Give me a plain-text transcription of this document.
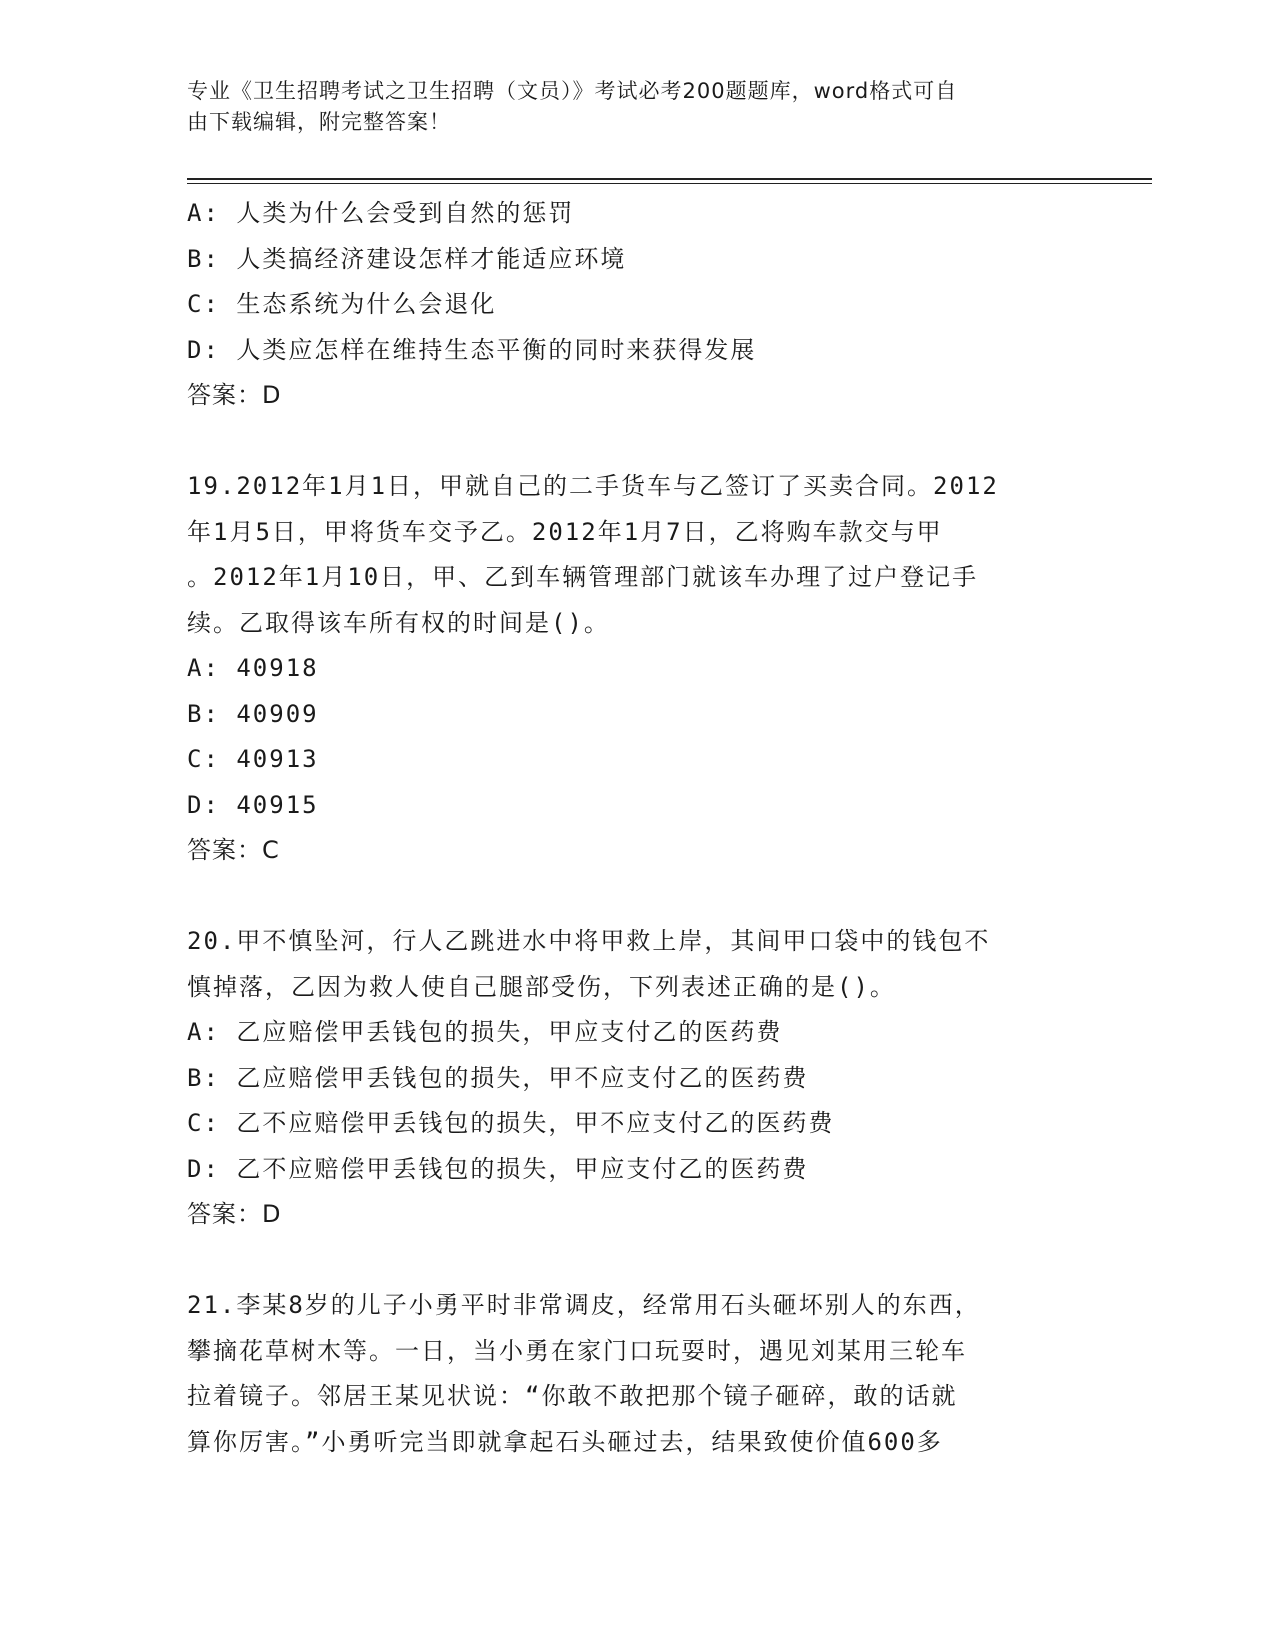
专业《卫生招聘考试之卫生招聘（文员）》考试必考200题题库，word格式可自
由下载编辑，附完整答案！
A: 人类为什么会受到自然的惩罚
B: 人类搞经济建设怎样才能适应环境
C: 生态系统为什么会退化
D: 人类应怎样在维持生态平衡的同时来获得发展
答案：D
19.2012年1月1日，甲就自己的二手货车与乙签订了买卖合同。2012
年1月5日，甲将货车交予乙。2012年1月7日，乙将购车款交与甲
。2012年1月10日，甲、乙到车辆管理部门就该车办理了过户登记手
续。乙取得该车所有权的时间是()。
A: 40918
B: 40909
C: 40913
D: 40915
答案：C
20.甲不慎坠河，行人乙跳进水中将甲救上岸，其间甲口袋中的钱包不
慎掉落，乙因为救人使自己腿部受伤，下列表述正确的是()。
A: 乙应赔偿甲丢钱包的损失，甲应支付乙的医药费
B: 乙应赔偿甲丢钱包的损失，甲不应支付乙的医药费
C: 乙不应赔偿甲丢钱包的损失，甲不应支付乙的医药费
D: 乙不应赔偿甲丢钱包的损失，甲应支付乙的医药费
答案：D
21.李某8岁的儿子小勇平时非常调皮，经常用石头砸坏别人的东西，
攀摘花草树木等。一日，当小勇在家门口玩耍时，遇见刘某用三轮车
拉着镜子。邻居王某见状说：“你敢不敢把那个镜子砸碎，敢的话就
算你厉害。”小勇听完当即就拿起石头砸过去，结果致使价值600多
